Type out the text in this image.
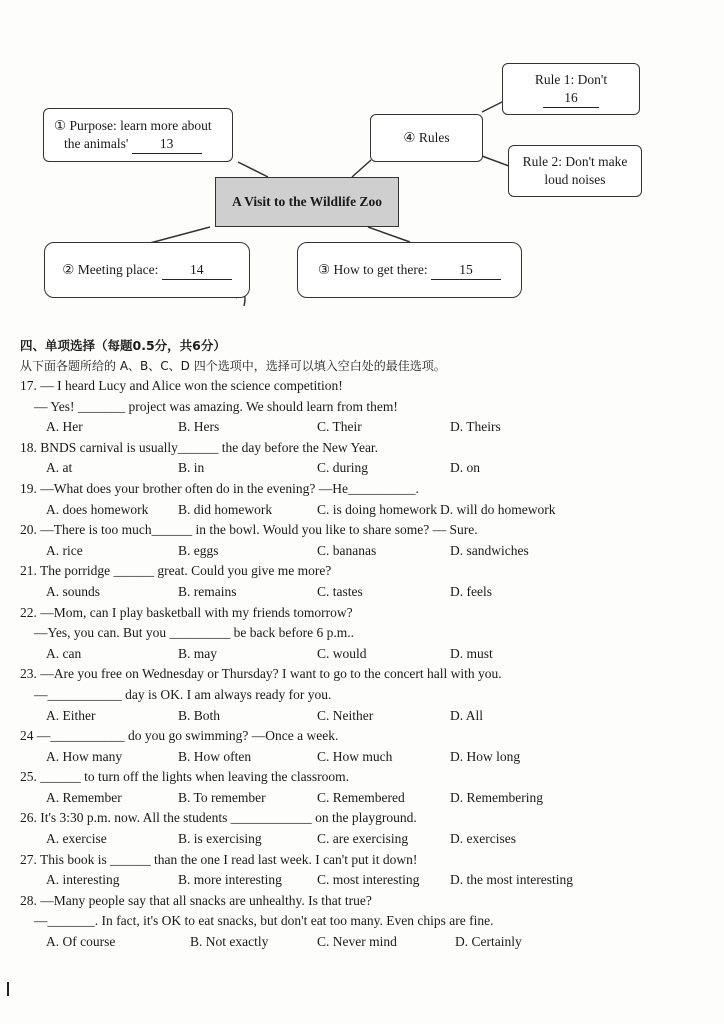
① Purpose: learn more about
the animals' 13
Rule 1: Don't
16
④ Rules
Rule 2: Don't make loud noises
A Visit to the Wildlife Zoo
② Meeting place:
	14	③ How to get there:
	15
四、单项选择（每题0.5分，共6分）
从下面各题所给的 A、B、C、D 四个选项中，选择可以填入空白处的最佳选项。
17. — I heard Lucy and Alice won the science competition!
— Yes! _______ project was amazing. We should learn from them!
A. Her	B. Hers	C. Their	D. Theirs
18. BNDS carnival is usually______ the day before the New Year.
A. at	B. in	C. during	D. on
19. —What does your brother often do in the evening? —He__________.
A. does homework B. did homework	C. is doing homework D. will do homework
20. —There is too much______ in the bowl. Would you like to share some? — Sure.
A. rice	B. eggs	C. bananas	D. sandwiches
21. The porridge ______ great. Could you give me more?
A. sounds	B. remains	C. tastes	D. feels
22. —Mom, can I play basketball with my friends tomorrow?
—Yes, you can. But you _________ be back before 6 p.m..
A. can	B. may	C. would	D. must
23. —Are you free on Wednesday or Thursday? I want to go to the concert hall with you.
—___________ day is OK. I am always ready for you.
A. Either	B. Both	C. Neither	D. All
24 —___________ do you go swimming? —Once a week.
A. How many	B. How often	C. How much	D. How long
25. ______ to turn off the lights when leaving the classroom.
A. Remember	B. To remember	C. Remembered	D. Remembering
26. It's 3:30 p.m. now. All the students ____________ on the playground.
A. exercise	B. is exercising	C. are exercising	D. exercises
27. This book is ______ than the one I read last week. I can't put it down!
A. interesting	B. more interesting	C. most interesting D. the most interesting
28. —Many people say that all snacks are unhealthy. Is that true?
—_______. In fact, it's OK to eat snacks, but don't eat too many. Even chips are fine.
A. Of course	B. Not exactly	C. Never mind	D. Certainly
